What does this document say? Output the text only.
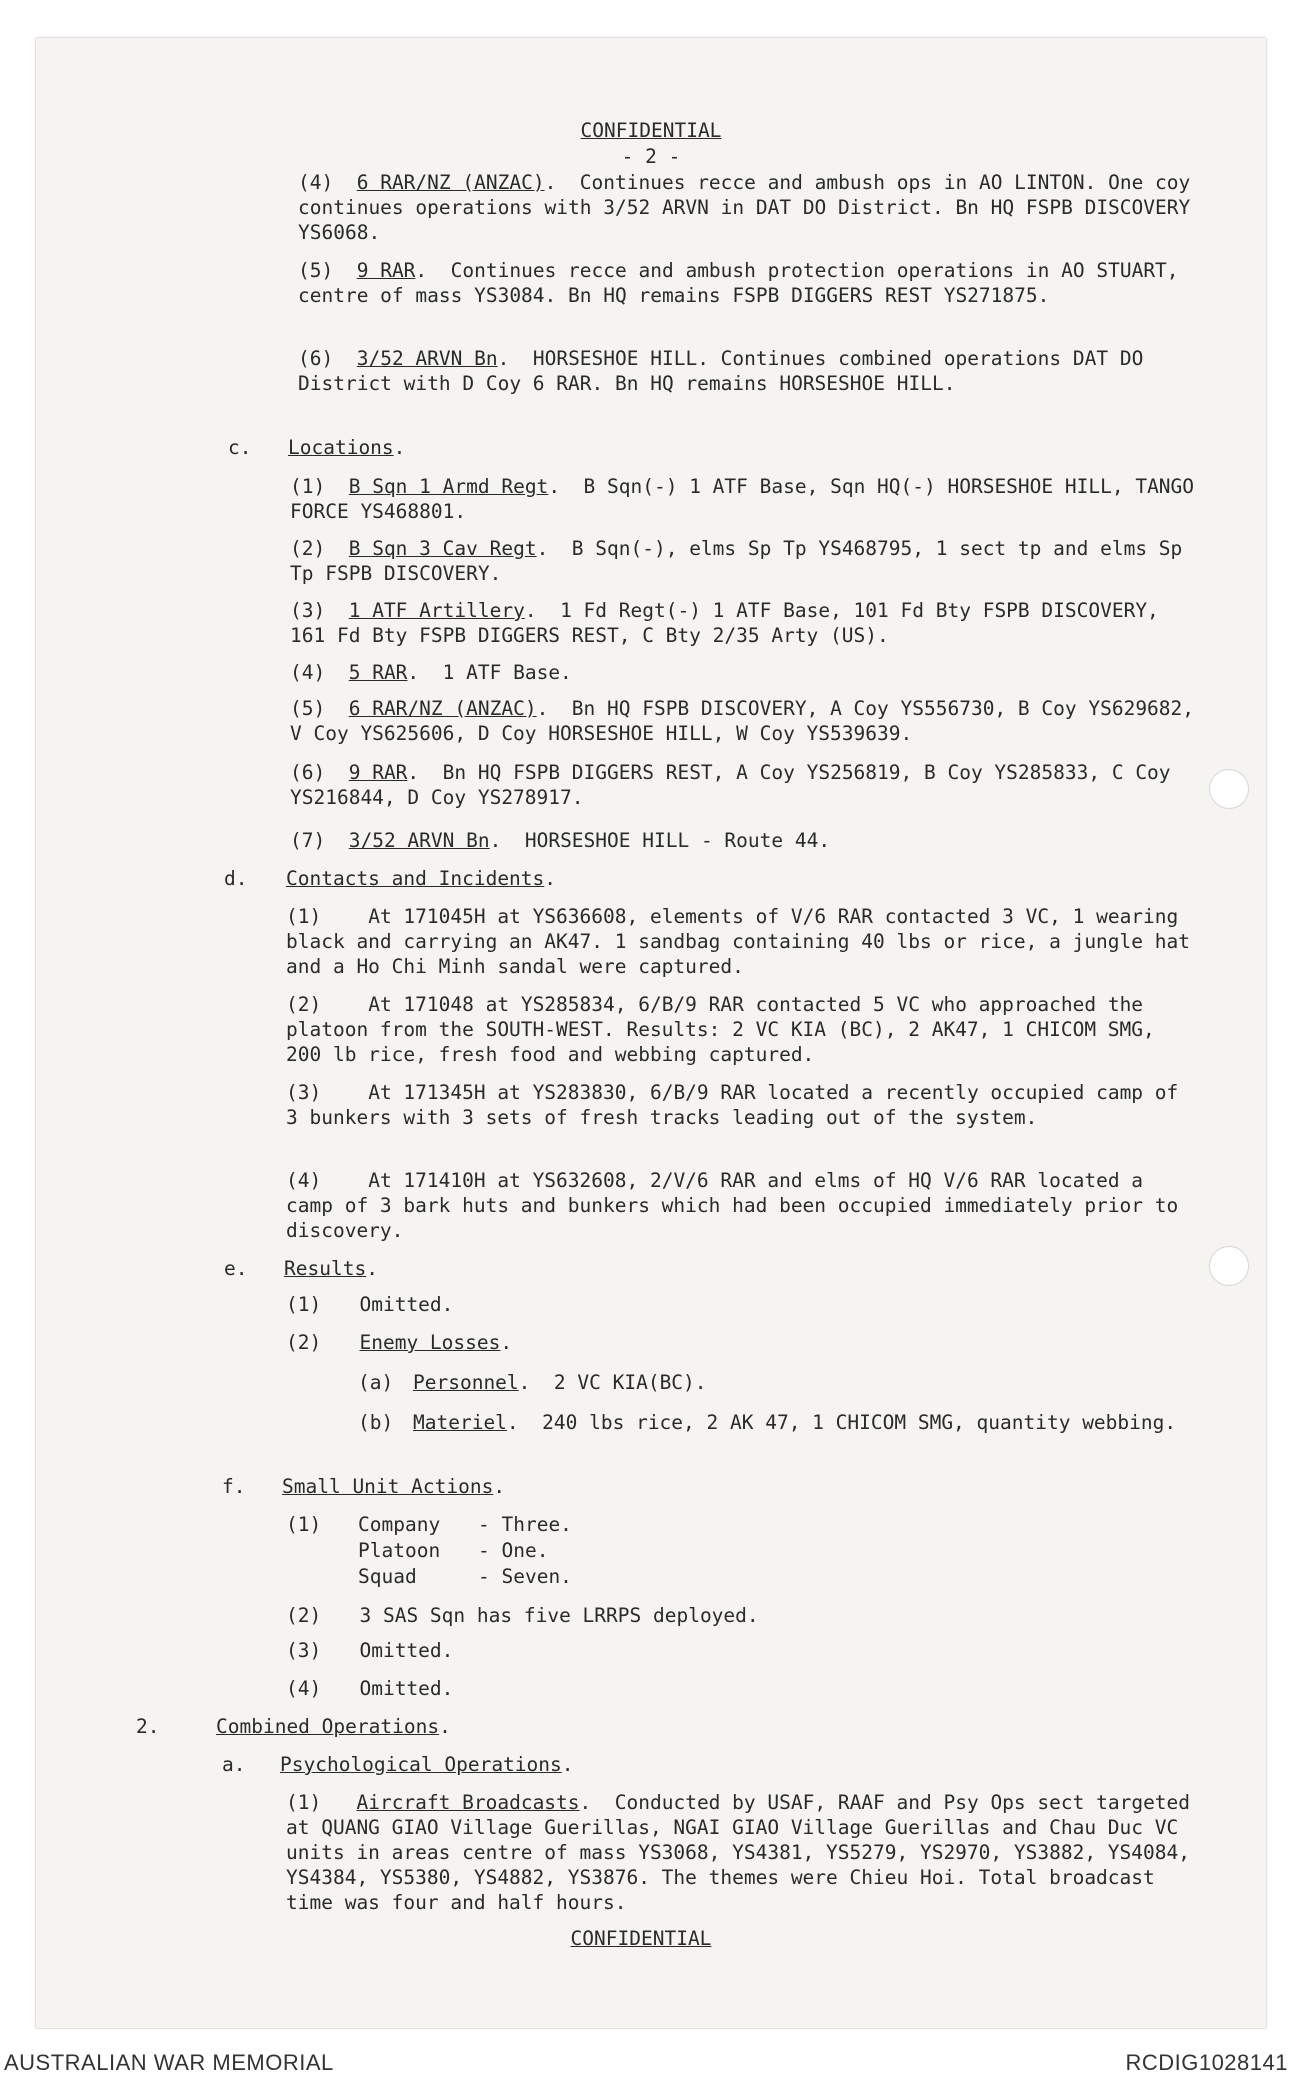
CONFIDENTIAL
- 2 -
(4) 6 RAR/NZ (ANZAC).  Continues recce and ambush ops in AO LINTON. One coy continues operations with 3/52 ARVN in DAT DO District. Bn HQ FSPB DISCOVERY YS6068.
(5) 9 RAR.  Continues recce and ambush protection operations in AO STUART, centre of mass YS3084. Bn HQ remains FSPB DIGGERS REST YS271875.
(6) 3/52 ARVN Bn.  HORSESHOE HILL. Continues combined operations DAT DO District with D Coy 6 RAR. Bn HQ remains HORSESHOE HILL.
c. Locations.
(1) B Sqn 1 Armd Regt.  B Sqn(-) 1 ATF Base, Sqn HQ(-) HORSESHOE HILL, TANGO FORCE YS468801.
(2) B Sqn 3 Cav Regt.  B Sqn(-), elms Sp Tp YS468795, 1 sect tp and elms Sp Tp FSPB DISCOVERY.
(3) 1 ATF Artillery.  1 Fd Regt(-) 1 ATF Base, 101 Fd Bty FSPB DISCOVERY, 161 Fd Bty FSPB DIGGERS REST, C Bty 2/35 Arty (US).
(4) 5 RAR.  1 ATF Base.
(5) 6 RAR/NZ (ANZAC).  Bn HQ FSPB DISCOVERY, A Coy YS556730, B Coy YS629682, V Coy YS625606, D Coy HORSESHOE HILL, W Coy YS539639.
(6) 9 RAR.  Bn HQ FSPB DIGGERS REST, A Coy YS256819, B Coy YS285833, C Coy YS216844, D Coy YS278917.
(7) 3/52 ARVN Bn.  HORSESHOE HILL - Route 44.
d. Contacts and Incidents.
(1) At 171045H at YS636608, elements of V/6 RAR contacted 3 VC, 1 wearing black and carrying an AK47. 1 sandbag containing 40 lbs or rice, a jungle hat and a Ho Chi Minh sandal were captured.
(2) At 171048 at YS285834, 6/B/9 RAR contacted 5 VC who approached the platoon from the SOUTH-WEST. Results: 2 VC KIA (BC), 2 AK47, 1 CHICOM SMG, 200 lb rice, fresh food and webbing captured.
(3) At 171345H at YS283830, 6/B/9 RAR located a recently occupied camp of 3 bunkers with 3 sets of fresh tracks leading out of the system.
(4) At 171410H at YS632608, 2/V/6 RAR and elms of HQ V/6 RAR located a camp of 3 bark huts and bunkers which had been occupied immediately prior to discovery.
e. Results.
(1) Omitted.
(2) Enemy Losses.
(a) Personnel.  2 VC KIA(BC).
(b) Materiel.  240 lbs rice, 2 AK 47, 1 CHICOM SMG, quantity webbing.
f. Small Unit Actions.
(1) Company - Three.
Platoon - One.
Squad	- Seven.
(2) 3 SAS Sqn has five LRRPS deployed.
(3) Omitted.
(4) Omitted.
2.	Combined Operations.
a. Psychological Operations.
(1) Aircraft Broadcasts.  Conducted by USAF, RAAF and Psy Ops sect targeted at QUANG GIAO Village Guerillas, NGAI GIAO Village Guerillas and Chau Duc VC units in areas centre of mass YS3068, YS4381, YS5279, YS2970, YS3882, YS4084, YS4384, YS5380, YS4882, YS3876. The themes were Chieu Hoi. Total broadcast time was four and half hours.
CONFIDENTIAL
AUSTRALIAN WAR MEMORIAL	RCDIG1028141
